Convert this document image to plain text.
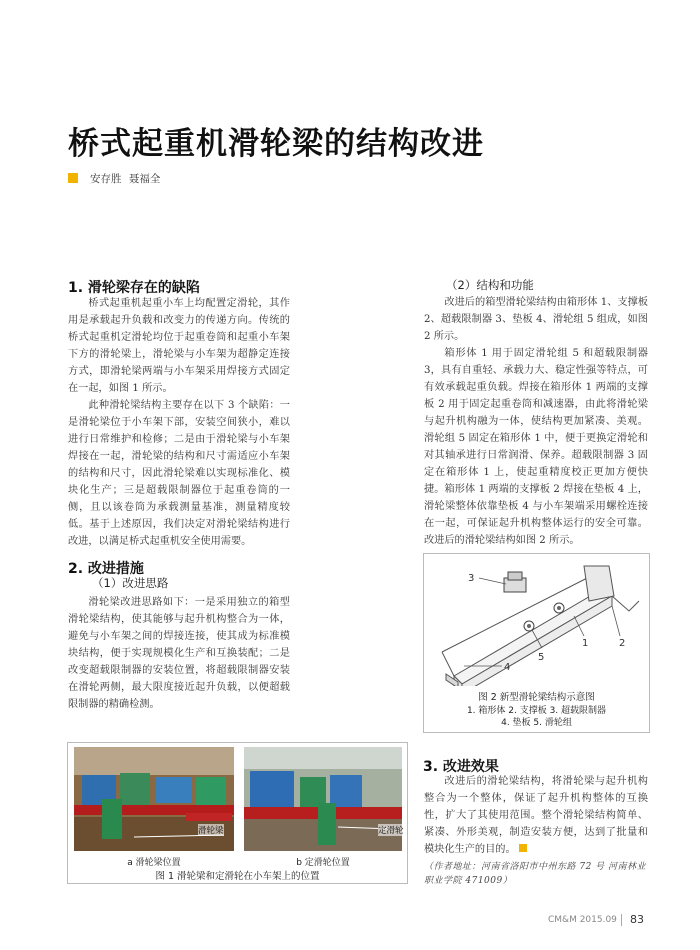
桥式起重机滑轮梁的结构改进
安存胜 聂福全
1. 滑轮梁存在的缺陷

桥式起重机起重小车上均配置定滑轮，其作用是承载起升负载和改变力的传递方向。传统的桥式起重机定滑轮均位于起重卷筒和起重小车架下方的滑轮梁上，滑轮梁与小车架为超静定连接方式，即滑轮梁两端与小车架采用焊接方式固定在一起，如图 1 所示。

此种滑轮梁结构主要存在以下 3 个缺陷：一是滑轮梁位于小车架下部，安装空间狭小，难以进行日常维护和检修；二是由于滑轮梁与小车架焊接在一起，滑轮梁的结构和尺寸需适应小车架的结构和尺寸，因此滑轮梁难以实现标准化、模块化生产；三是超载限制器位于起重卷筒的一侧，且以该卷筒为承载测量基准，测量精度较低。基于上述原因，我们决定对滑轮梁结构进行改进，以满足桥式起重机安全使用需要。

2. 改进措施
（1）改进思路

滑轮梁改进思路如下：一是采用独立的箱型滑轮梁结构，使其能够与起升机构整合为一体，避免与小车架之间的焊接连接，使其成为标准模块结构，便于实现规模化生产和互换装配；二是改变超载限制器的安装位置，将超载限制器安装在滑轮两侧，最大限度接近起升负载，以便超载限制器的精确检测。

（2）结构和功能

改进后的箱型滑轮梁结构由箱形体 1、支撑板 2、超载限制器 3、垫板 4、滑轮组 5 组成，如图 2 所示。

箱形体 1 用于固定滑轮组 5 和超载限制器 3，具有自重轻、承载力大、稳定性强等特点，可有效承载起重负载。焊接在箱形体 1 两端的支撑板 2 用于固定起重卷筒和减速器，由此将滑轮梁与起升机构融为一体，使结构更加紧凑、美观。滑轮组 5 固定在箱形体 1 中，便于更换定滑轮和对其轴承进行日常润滑、保养。超载限制器 3 固定在箱形体 1 上，使起重精度校正更加方便快捷。箱形体 1 两端的支撑板 2 焊接在垫板 4 上，滑轮梁整体依靠垫板 4 与小车架端采用螺栓连接在一起，可保证起升机构整体运行的安全可靠。改进后的滑轮梁结构如图 2 所示。

3
1	2
5
4
图 2 新型滑轮梁结构示意图
1. 箱形体 2. 支撑板 3. 超载限制器
4. 垫板 5. 滑轮组
滑轮梁	定滑轮
a 滑轮梁位置	b 定滑轮位置
图 1 滑轮梁和定滑轮在小车架上的位置
3. 改进效果

改进后的滑轮梁结构，将滑轮梁与起升机构整合为一个整体，保证了起升机构整体的互换性，扩大了其使用范围。整个滑轮梁结构简单、紧凑、外形美观，制造安装方便，达到了批量和模块化生产的目的。

（作者地址：河南省洛阳市中州东路 72 号 河南林业职业学院 471009）

CM&M 2015.09 83
